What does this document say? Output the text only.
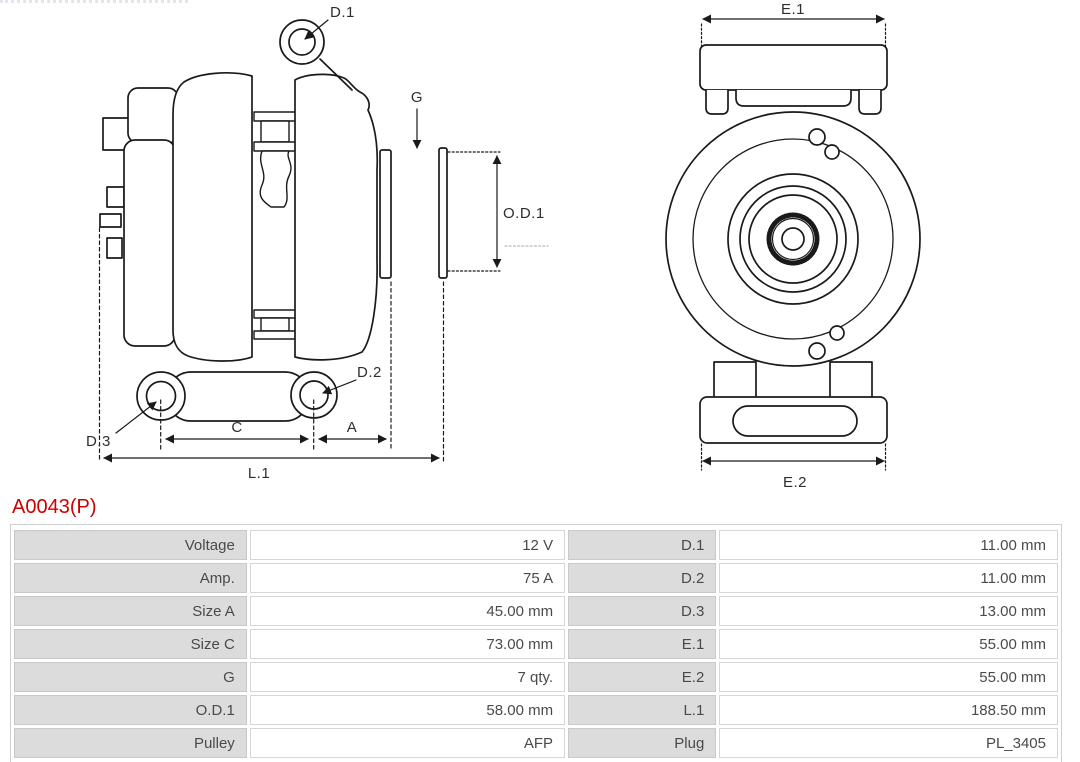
D.1
G
O.D.1
D.2
D.3
C	A
L.1
E.1
E.2
A0043(P)
Voltage	12 V	D.1	11.00 mm
Amp.	75 A	D.2	11.00 mm
Size A	45.00 mm	D.3	13.00 mm
Size C	73.00 mm	E.1	55.00 mm
G	7 qty.	E.2	55.00 mm
O.D.1	58.00 mm	L.1	188.50 mm
Pulley	AFP	Plug	PL_3405
